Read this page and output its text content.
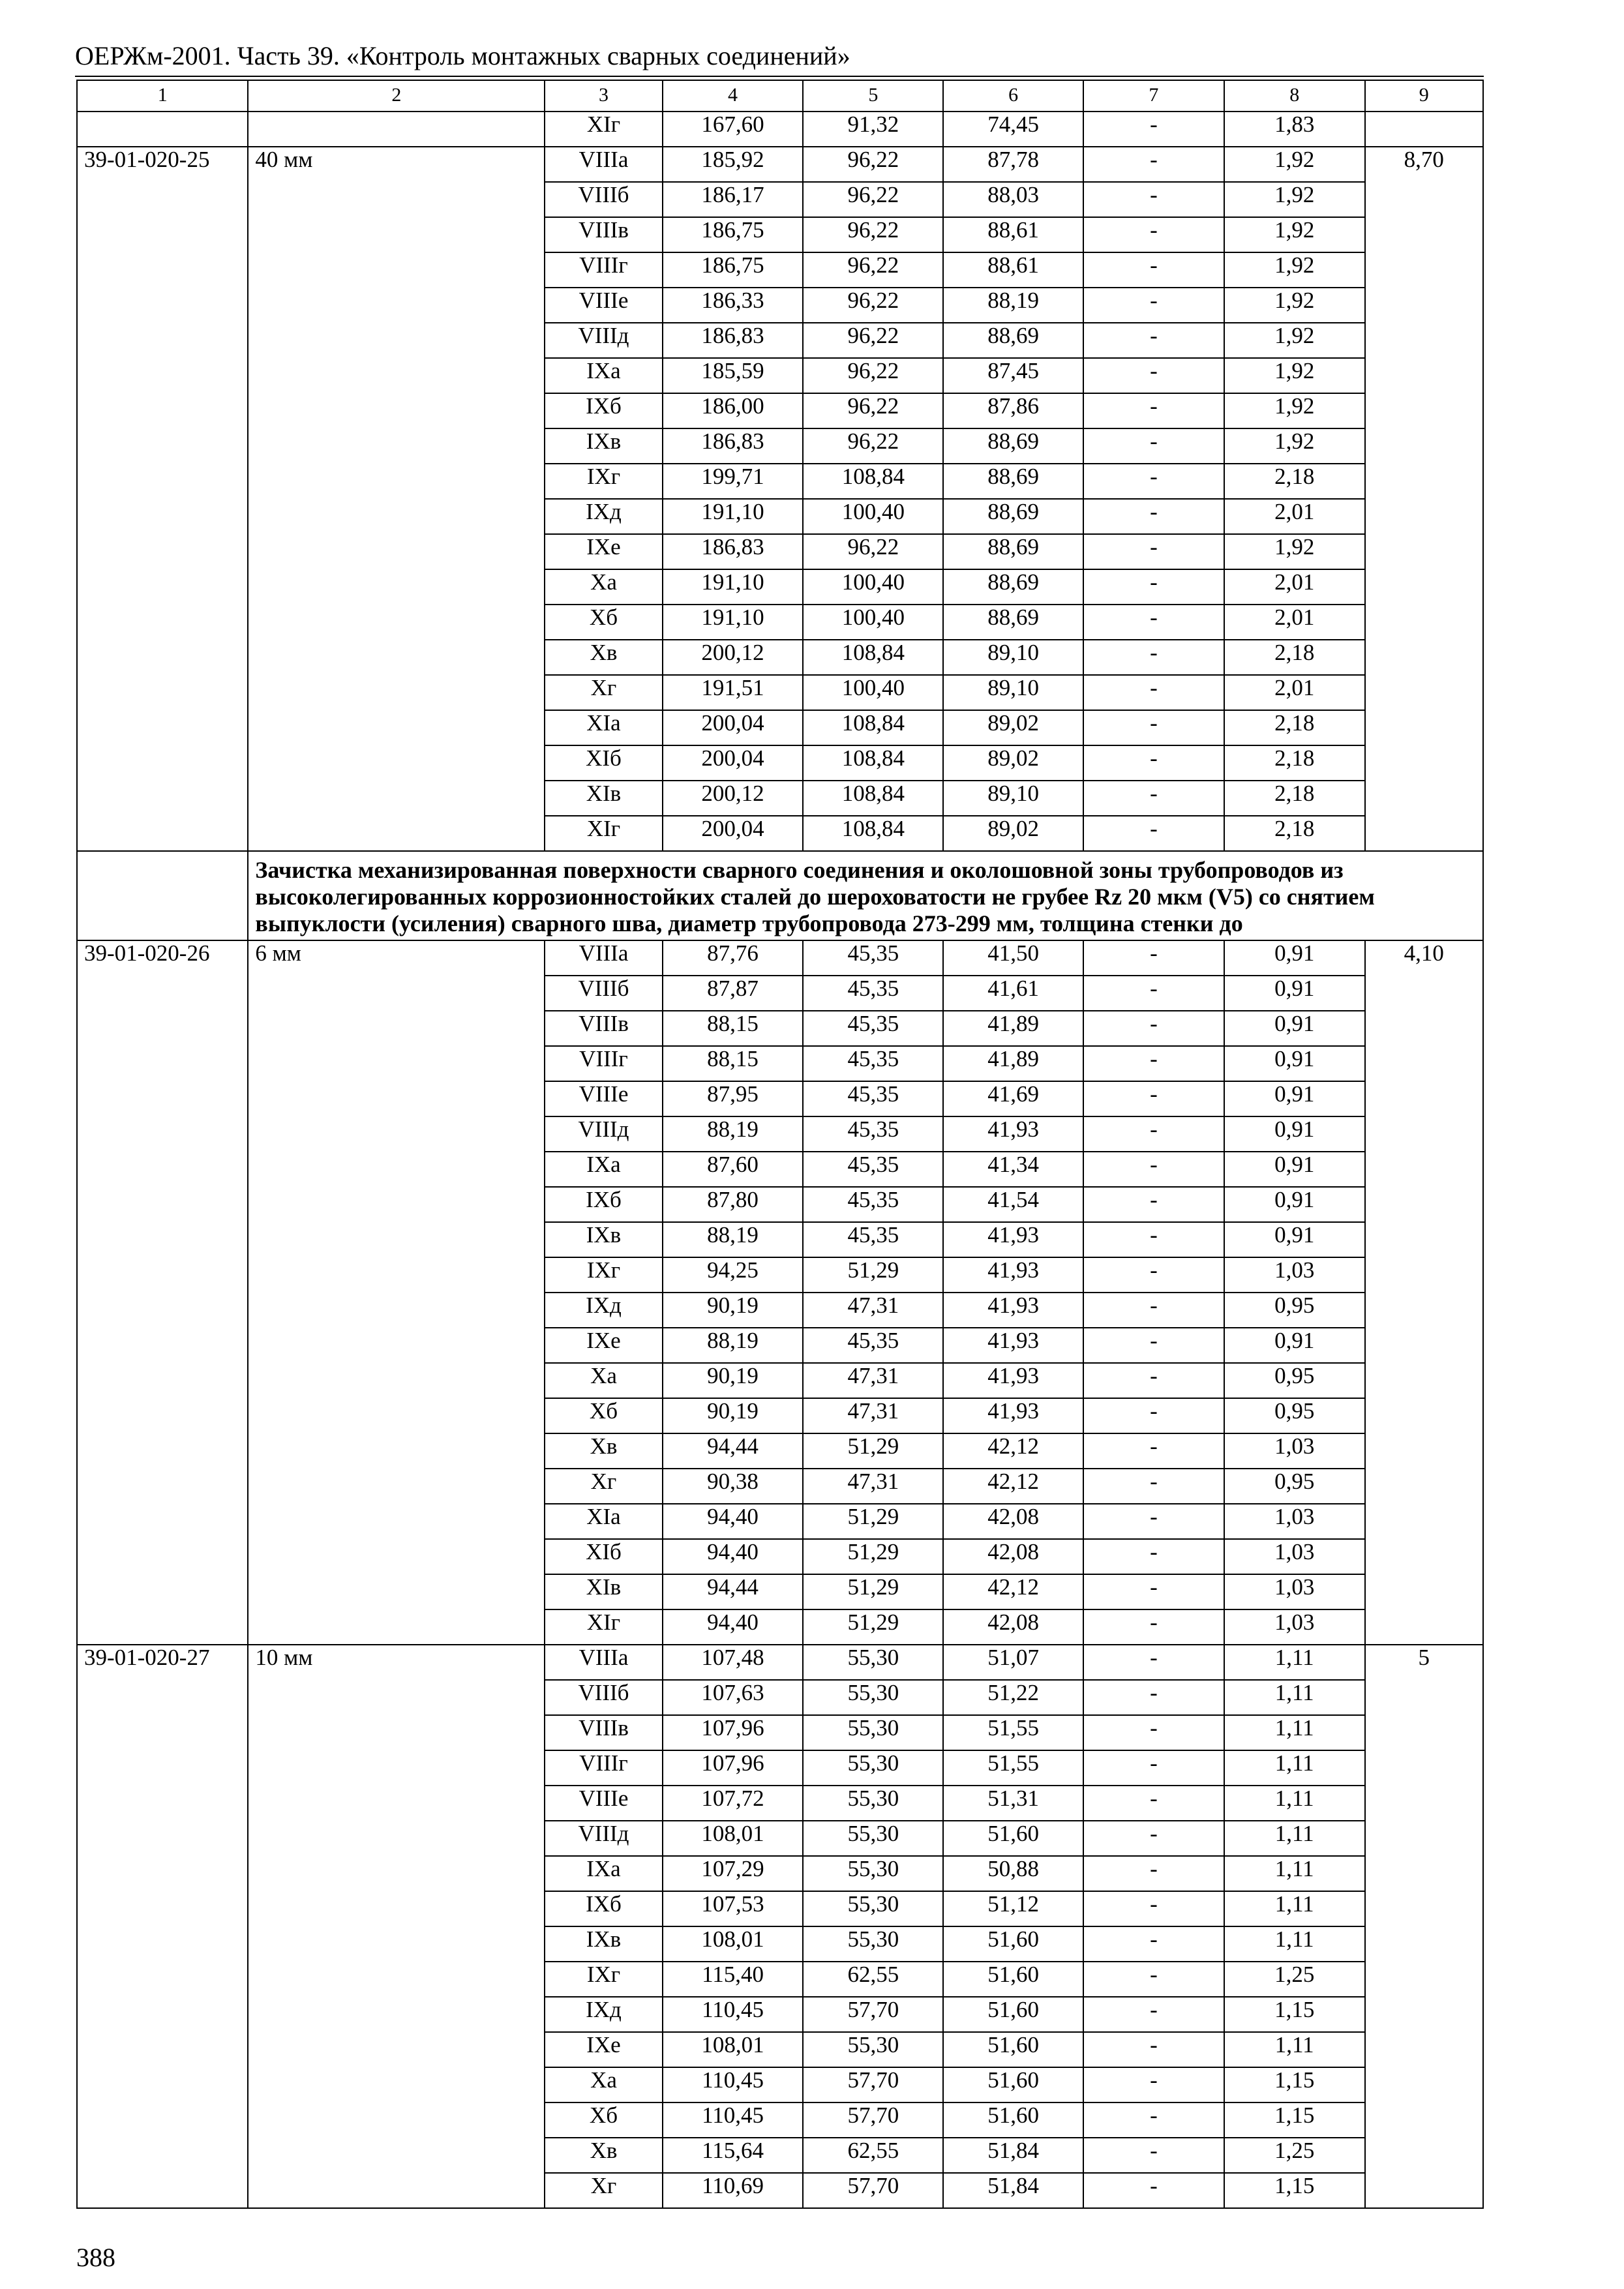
ОЕРЖм-2001. Часть 39. «Контроль монтажных сварных соединений»
1	2	3	4	5	6	7	8	9
		XIг	167,60	91,32	74,45	-	1,83	
39-01-020-25	40 мм	VIIIа	185,92	96,22	87,78	-	1,92	8,70
		VIIIб	186,17	96,22	88,03	-	1,92	
		VIIIв	186,75	96,22	88,61	-	1,92	
		VIIIг	186,75	96,22	88,61	-	1,92	
		VIIIе	186,33	96,22	88,19	-	1,92	
		VIIIд	186,83	96,22	88,69	-	1,92	
		IXа	185,59	96,22	87,45	-	1,92	
		IXб	186,00	96,22	87,86	-	1,92	
		IXв	186,83	96,22	88,69	-	1,92	
		IXг	199,71	108,84	88,69	-	2,18	
		IXд	191,10	100,40	88,69	-	2,01	
		IXе	186,83	96,22	88,69	-	1,92	
		Xа	191,10	100,40	88,69	-	2,01	
		Xб	191,10	100,40	88,69	-	2,01	
		Xв	200,12	108,84	89,10	-	2,18	
		Xг	191,51	100,40	89,10	-	2,01	
		XIа	200,04	108,84	89,02	-	2,18	
		XIб	200,04	108,84	89,02	-	2,18	
		XIв	200,12	108,84	89,10	-	2,18	
		XIг	200,04	108,84	89,02	-	2,18	
	Зачистка механизированная поверхности сварного соединения и околошовной зоны трубопроводов из высоколегированных коррозионностойких сталей до шероховатости не грубее Rz 20 мкм (V5) со снятием выпуклости (усиления) сварного шва, диаметр трубопровода 273-299 мм, толщина стенки до							
39-01-020-26	6 мм	VIIIа	87,76	45,35	41,50	-	0,91	4,10
		VIIIб	87,87	45,35	41,61	-	0,91	
		VIIIв	88,15	45,35	41,89	-	0,91	
		VIIIг	88,15	45,35	41,89	-	0,91	
		VIIIе	87,95	45,35	41,69	-	0,91	
		VIIIд	88,19	45,35	41,93	-	0,91	
		IXа	87,60	45,35	41,34	-	0,91	
		IXб	87,80	45,35	41,54	-	0,91	
		IXв	88,19	45,35	41,93	-	0,91	
		IXг	94,25	51,29	41,93	-	1,03	
		IXд	90,19	47,31	41,93	-	0,95	
		IXе	88,19	45,35	41,93	-	0,91	
		Xа	90,19	47,31	41,93	-	0,95	
		Xб	90,19	47,31	41,93	-	0,95	
		Xв	94,44	51,29	42,12	-	1,03	
		Xг	90,38	47,31	42,12	-	0,95	
		XIа	94,40	51,29	42,08	-	1,03	
		XIб	94,40	51,29	42,08	-	1,03	
		XIв	94,44	51,29	42,12	-	1,03	
		XIг	94,40	51,29	42,08	-	1,03	
39-01-020-27	10 мм	VIIIа	107,48	55,30	51,07	-	1,11	5
		VIIIб	107,63	55,30	51,22	-	1,11	
		VIIIв	107,96	55,30	51,55	-	1,11	
		VIIIг	107,96	55,30	51,55	-	1,11	
		VIIIе	107,72	55,30	51,31	-	1,11	
		VIIIд	108,01	55,30	51,60	-	1,11	
		IXа	107,29	55,30	50,88	-	1,11	
		IXб	107,53	55,30	51,12	-	1,11	
		IXв	108,01	55,30	51,60	-	1,11	
		IXг	115,40	62,55	51,60	-	1,25	
		IXд	110,45	57,70	51,60	-	1,15	
		IXе	108,01	55,30	51,60	-	1,11	
		Xа	110,45	57,70	51,60	-	1,15	
		Xб	110,45	57,70	51,60	-	1,15	
		Xв	115,64	62,55	51,84	-	1,25	
		Xг	110,69	57,70	51,84	-	1,15	
388
